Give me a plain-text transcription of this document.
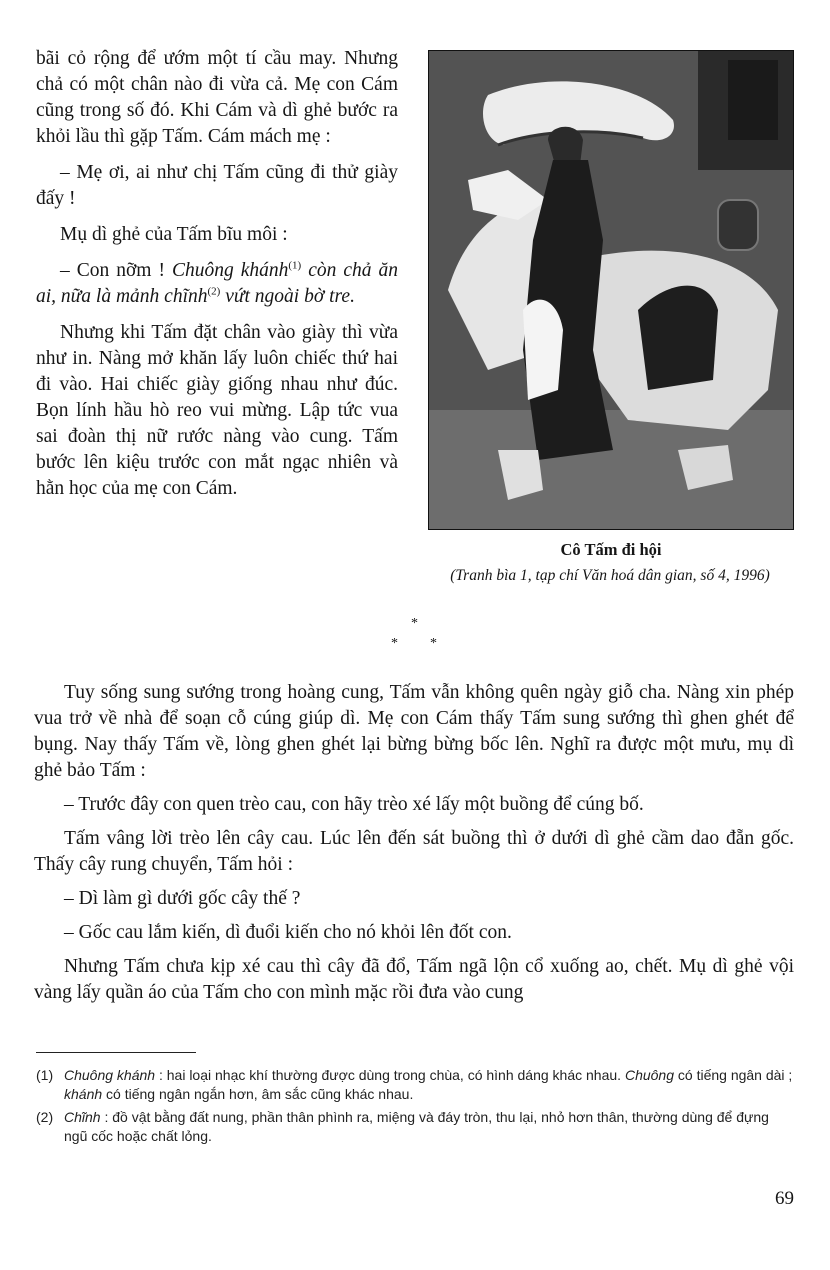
bãi cỏ rộng để ướm một tí cầu may. Nhưng chả có một chân nào đi vừa cả. Mẹ con Cám cũng trong số đó. Khi Cám và dì ghẻ bước ra khỏi lầu thì gặp Tấm. Cám mách mẹ :

– Mẹ ơi, ai như chị Tấm cũng đi thử giày đấy !

Mụ dì ghẻ của Tấm bĩu môi :

– Con nỡm ! Chuông khánh$^{(1)}$ còn chả ăn ai, nữa là mảnh chĩnh$^{(2)}$ vứt ngoài bờ tre.

Nhưng khi Tấm đặt chân vào giày thì vừa như in. Nàng mở khăn lấy luôn chiếc thứ hai đi vào. Hai chiếc giày giống nhau như đúc. Bọn lính hầu hò reo vui mừng. Lập tức vua sai đoàn thị nữ rước nàng vào cung. Tấm bước lên kiệu trước con mắt ngạc nhiên và hằn học của mẹ con Cám.

Cô Tấm đi hội
(Tranh bìa 1, tạp chí Văn hoá dân gian, số 4, 1996)
*
* *

Tuy sống sung sướng trong hoàng cung, Tấm vẫn không quên ngày giỗ cha. Nàng xin phép vua trở về nhà để soạn cỗ cúng giúp dì. Mẹ con Cám thấy Tấm sung sướng thì ghen ghét để bụng. Nay thấy Tấm về, lòng ghen ghét lại bừng bừng bốc lên. Nghĩ ra được một mưu, mụ dì ghẻ bảo Tấm :

– Trước đây con quen trèo cau, con hãy trèo xé lấy một buồng để cúng bố.

Tấm vâng lời trèo lên cây cau. Lúc lên đến sát buồng thì ở dưới dì ghẻ cầm dao đẵn gốc. Thấy cây rung chuyển, Tấm hỏi :

– Dì làm gì dưới gốc cây thế ?

– Gốc cau lắm kiến, dì đuổi kiến cho nó khỏi lên đốt con.

Nhưng Tấm chưa kịp xé cau thì cây đã đổ, Tấm ngã lộn cổ xuống ao, chết. Mụ dì ghẻ vội vàng lấy quần áo của Tấm cho con mình mặc rồi đưa vào cung

(1) Chuông khánh : hai loại nhạc khí thường được dùng trong chùa, có hình dáng khác nhau. Chuông có tiếng ngân dài ; khánh có tiếng ngân ngắn hơn, âm sắc cũng khác nhau.
(2) Chĩnh : đồ vật bằng đất nung, phần thân phình ra, miệng và đáy tròn, thu lại, nhỏ hơn thân, thường dùng để đựng ngũ cốc hoặc chất lỏng.
69
